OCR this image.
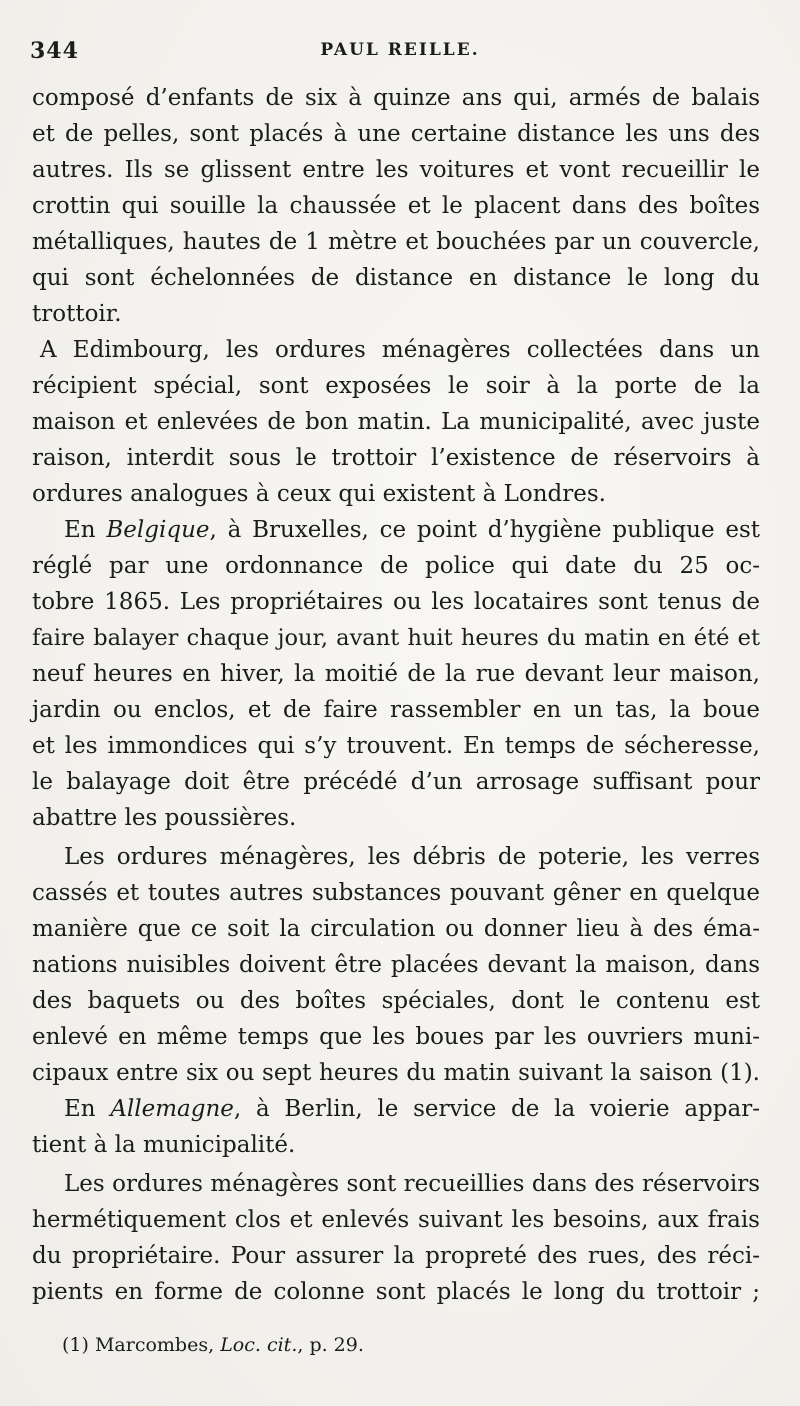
344	PAUL REILLE.
composé d’enfants de six à quinze ans qui, armés de balais
et de pelles, sont placés à une certaine distance les uns des
autres. Ils se glissent entre les voitures et vont recueillir le
crottin qui souille la chaussée et le placent dans des boîtes
métalliques, hautes de 1 mètre et bouchées par un couvercle,
qui sont échelonnées de distance en distance le long du
trottoir.
A Edimbourg, les ordures ménagères collectées dans un
récipient spécial, sont exposées le soir à la porte de la
maison et enlevées de bon matin. La municipalité, avec juste
raison, interdit sous le trottoir l’existence de réservoirs à
ordures analogues à ceux qui existent à Londres.
En Belgique, à Bruxelles, ce point d’hygiène publique est
réglé par une ordonnance de police qui date du 25 oc-
tobre 1865. Les propriétaires ou les locataires sont tenus de
faire balayer chaque jour, avant huit heures du matin en été et
neuf heures en hiver, la moitié de la rue devant leur maison,
jardin ou enclos, et de faire rassembler en un tas, la boue
et les immondices qui s’y trouvent. En temps de sécheresse,
le balayage doit être précédé d’un arrosage suffisant pour
abattre les poussières.
Les ordures ménagères, les débris de poterie, les verres
cassés et toutes autres substances pouvant gêner en quelque
manière que ce soit la circulation ou donner lieu à des éma-
nations nuisibles doivent être placées devant la maison, dans
des baquets ou des boîtes spéciales, dont le contenu est
enlevé en même temps que les boues par les ouvriers muni-
cipaux entre six ou sept heures du matin suivant la saison (1).
En Allemagne, à Berlin, le service de la voierie appar-
tient à la municipalité.
Les ordures ménagères sont recueillies dans des réservoirs
hermétiquement clos et enlevés suivant les besoins, aux frais
du propriétaire. Pour assurer la propreté des rues, des réci-
pients en forme de colonne sont placés le long du trottoir ;
(1) Marcombes, Loc. cit., p. 29.
